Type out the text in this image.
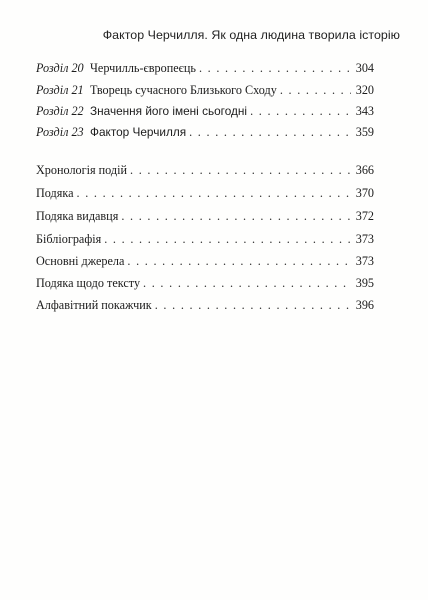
Фактор Черчилля. Як одна людина творила історію
Розділ 20 Черчилль-європеєць . . .	304
Розділ 21 Творець сучасного Близького Сходу . . .	320
Розділ 22 Значення його імені сьогодні . . .	343
Розділ 23 Фактор Черчилля . . .	359
Хронологія подій . . .	366
Подяка . . .	370
Подяка видавця . . .	372
Бібліографія . . .	373
Основні джерела . . .	373
Подяка щодо тексту . . .	395
Алфавітний покажчик . . .	396
